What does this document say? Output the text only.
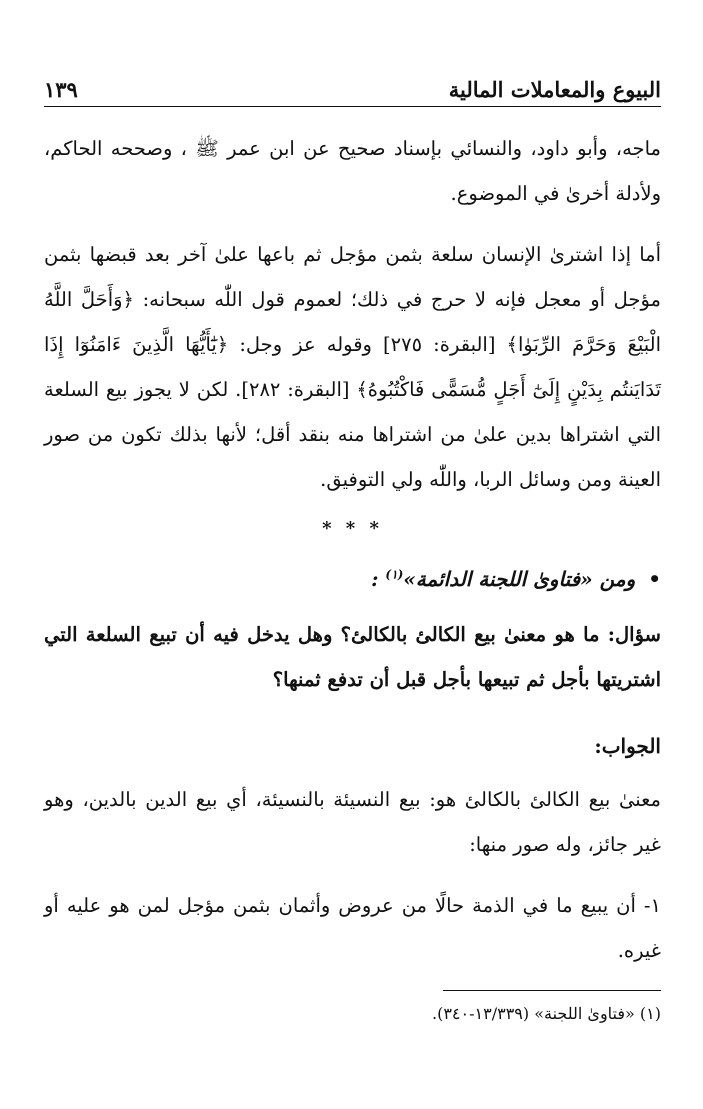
البيوع والمعاملات المالية
١٣٩

ماجه، وأبو داود، والنسائي بإسناد صحيح عن ابن عمر ﷺ ، وصححه الحاكم، ولأدلة أخرىٰ في الموضوع.

أما إذا اشترىٰ الإنسان سلعة بثمن مؤجل ثم باعها علىٰ آخر بعد قبضها بثمن مؤجل أو معجل فإنه لا حرج في ذلك؛ لعموم قول اللّٰه سبحانه: ﴿وَأَحَلَّ اللَّهُ الْبَيْعَ وَحَرَّمَ الرِّبَوٰا﴾ [البقرة: ٢٧٥] وقوله عز وجل: ﴿يَٰٓأَيُّهَا الَّذِينَ ءَامَنُوٓا إِذَا تَدَايَنتُم بِدَيْنٍ إِلَىٰٓ أَجَلٍ مُّسَمًّى فَاكْتُبُوهُ﴾ [البقرة: ٢٨٢]. لكن لا يجوز بيع السلعة التي اشتراها بدين علىٰ من اشتراها منه بنقد أقل؛ لأنها بذلك تكون من صور العينة ومن وسائل الربا، واللّٰه ولي التوفيق.

* * *
• ومن «فتاوىٰ اللجنة الدائمة»$^{(١)}$ :

سؤال: ما هو معنىٰ بيع الكالئ بالكالئ؟ وهل يدخل فيه أن تبيع السلعة التي اشتريتها بأجل ثم تبيعها بأجل قبل أن تدفع ثمنها؟

الجواب:

معنىٰ بيع الكالئ بالكالئ هو: بيع النسيئة بالنسيئة، أي بيع الدين بالدين، وهو غير جائز، وله صور منها:

١- أن يبيع ما في الذمة حالًا من عروض وأثمان بثمن مؤجل لمن هو عليه أو غيره.

(١) «فتاوىٰ اللجنة» (١٣/٣٣٩-٣٤٠).
